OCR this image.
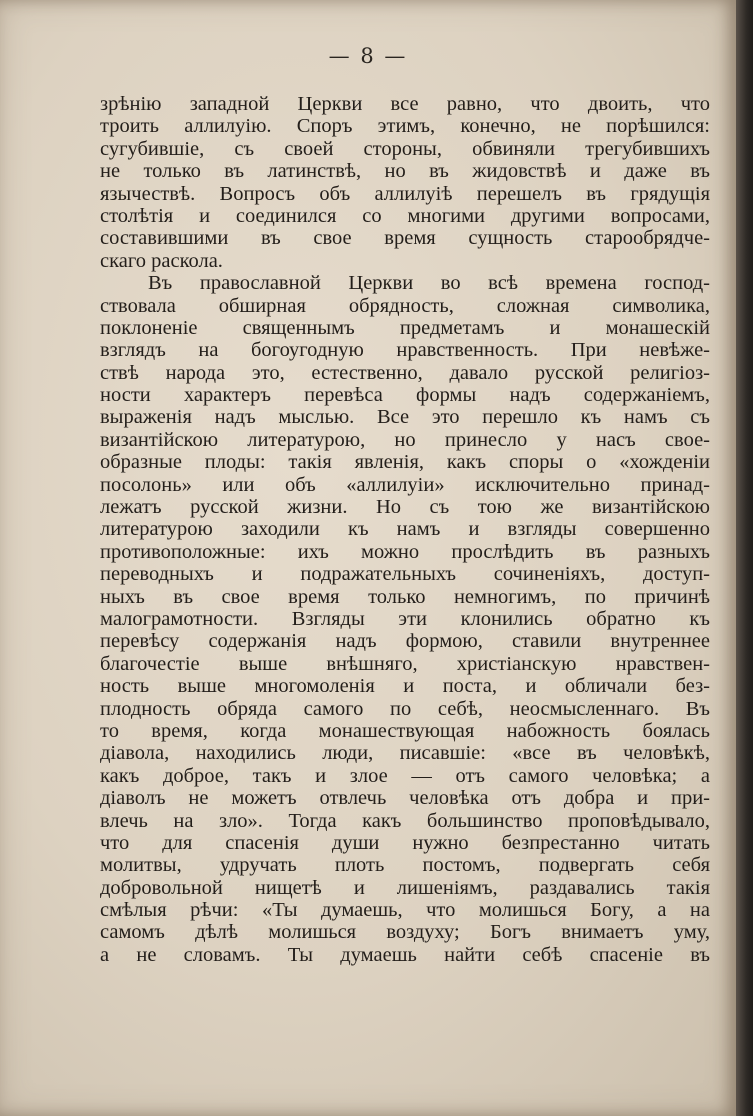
— 8 —
зрѣнію западной Церкви все равно, что двоить, что
троить аллилуію. Споръ этимъ, конечно, не порѣшился:
сугубившіе, съ своей стороны, обвиняли трегубившихъ
не только въ латинствѣ, но въ жидовствѣ и даже въ
язычествѣ. Вопросъ объ аллилуіѣ перешелъ въ грядущія
столѣтія и соединился со многими другими вопросами,
составившими въ свое время сущность старообрядче-
скаго раскола.
Въ православной Церкви во всѣ времена господ-
ствовала обширная обрядность, сложная символика,
поклоненіе священнымъ предметамъ и монашескій
взглядъ на богоугодную нравственность. При невѣже-
ствѣ народа это, естественно, давало русской религіоз-
ности характеръ перевѣса формы надъ содержаніемъ,
выраженія надъ мыслью. Все это перешло къ намъ съ
византійскою литературою, но принесло у насъ свое-
образные плоды: такія явленія, какъ споры о «хожденіи
посолонь» или объ «аллилуіи» исключительно принад-
лежатъ русской жизни. Но съ тою же византійскою
литературою заходили къ намъ и взгляды совершенно
противоположные: ихъ можно прослѣдить въ разныхъ
переводныхъ и подражательныхъ сочиненіяхъ, доступ-
ныхъ въ свое время только немногимъ, по причинѣ
малограмотности. Взгляды эти клонились обратно къ
перевѣсу содержанія надъ формою, ставили внутреннее
благочестіе выше внѣшняго, христіанскую нравствен-
ность выше многомоленія и поста, и обличали без-
плодность обряда самого по себѣ, неосмысленнаго. Въ
то время, когда монашествующая набожность боялась
діавола, находились люди, писавшіе: «все въ человѣкѣ,
какъ доброе, такъ и злое — отъ самого человѣка; а
діаволъ не можетъ отвлечь человѣка отъ добра и при-
влечь на зло». Тогда какъ большинство проповѣдывало,
что для спасенія души нужно безпрестанно читать
молитвы, удручать плоть постомъ, подвергать себя
добровольной нищетѣ и лишеніямъ, раздавались такія
смѣлыя рѣчи: «Ты думаешь, что молишься Богу, а на
самомъ дѣлѣ молишься воздуху; Богъ внимаетъ уму,
а не словамъ. Ты думаешь найти себѣ спасеніе въ
